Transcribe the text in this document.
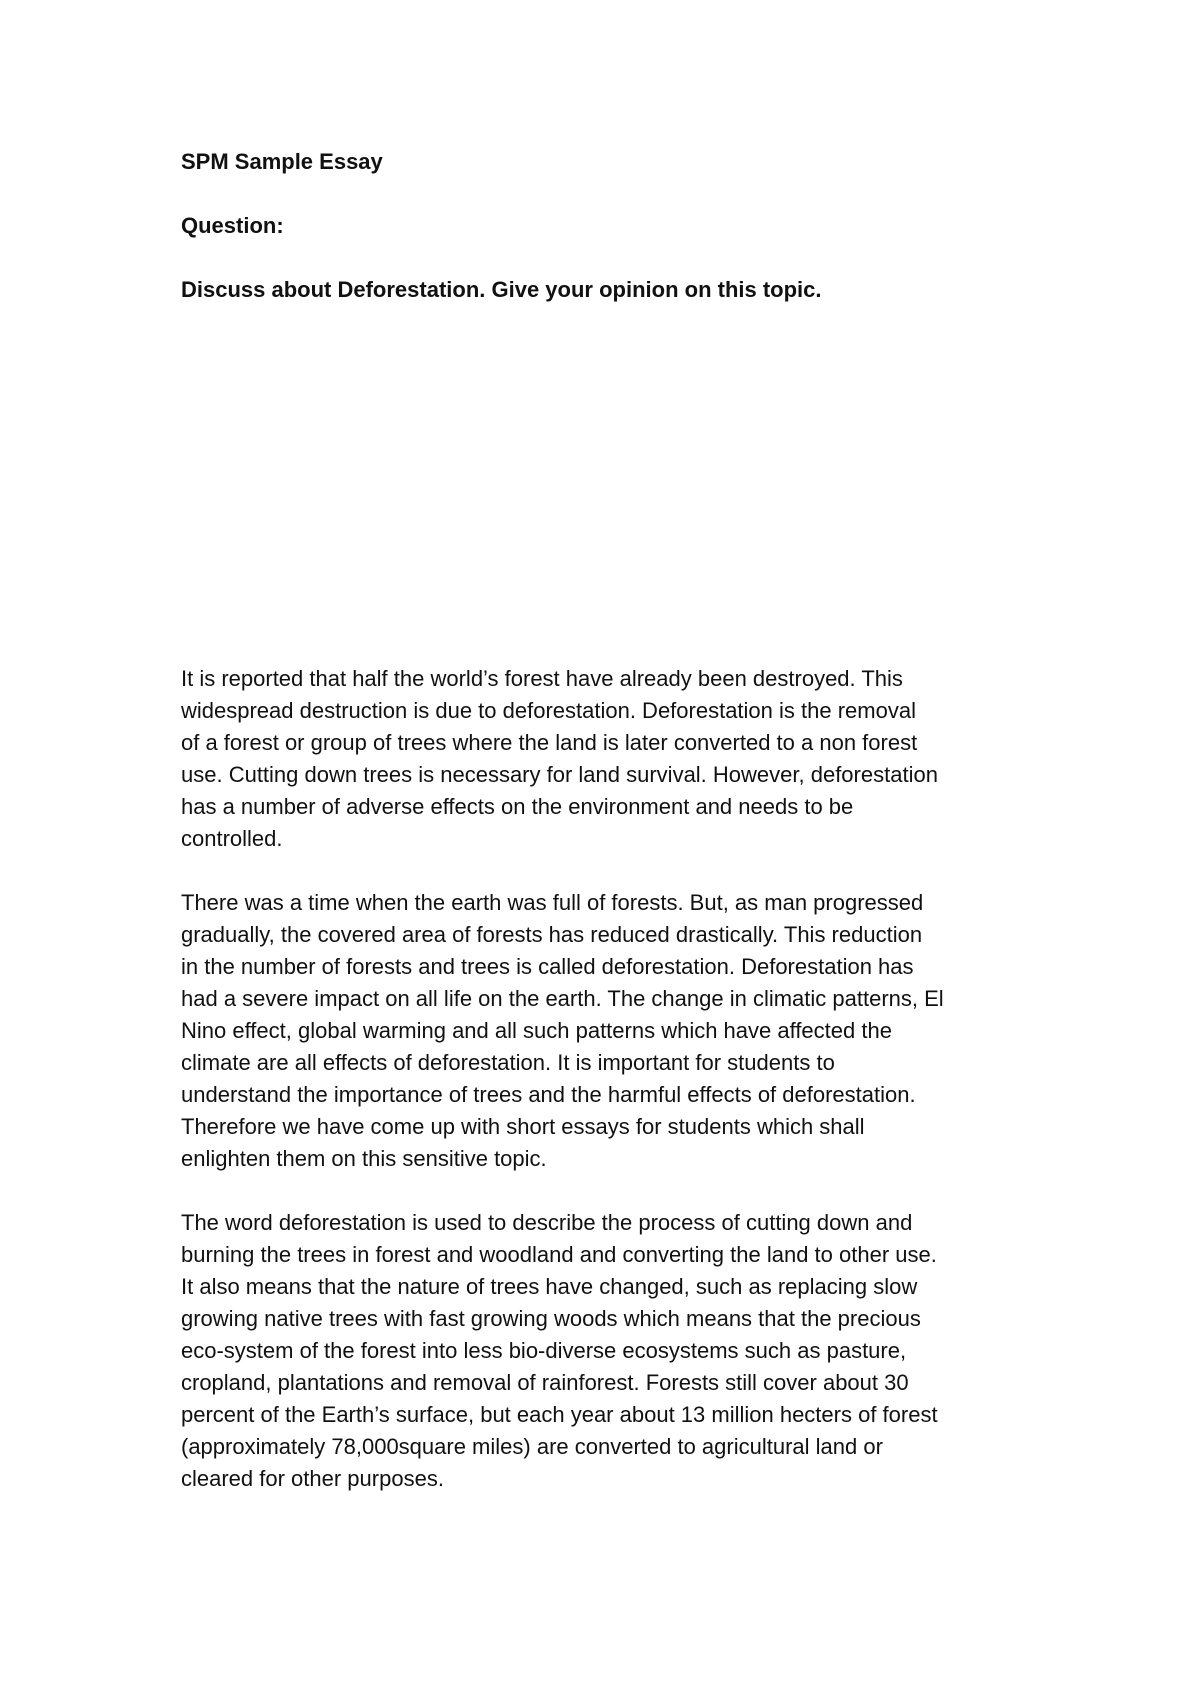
SPM Sample Essay
Question:
Discuss about Deforestation. Give your opinion on this topic.

It is reported that half the world’s forest have already been destroyed. This
widespread destruction is due to deforestation. Deforestation is the removal
of a forest or group of trees where the land is later converted to a non forest
use. Cutting down trees is necessary for land survival. However, deforestation
has a number of adverse effects on the environment and needs to be
controlled.

There was a time when the earth was full of forests. But, as man progressed
gradually, the covered area of forests has reduced drastically. This reduction
in the number of forests and trees is called deforestation. Deforestation has
had a severe impact on all life on the earth. The change in climatic patterns, El
Nino effect, global warming and all such patterns which have affected the
climate are all effects of deforestation. It is important for students to
understand the importance of trees and the harmful effects of deforestation.
Therefore we have come up with short essays for students which shall
enlighten them on this sensitive topic.

The word deforestation is used to describe the process of cutting down and
burning the trees in forest and woodland and converting the land to other use.
It also means that the nature of trees have changed, such as replacing slow
growing native trees with fast growing woods which means that the precious
eco-system of the forest into less bio-diverse ecosystems such as pasture,
cropland, plantations and removal of rainforest. Forests still cover about 30
percent of the Earth’s surface, but each year about 13 million hecters of forest
(approximately 78,000square miles) are converted to agricultural land or
cleared for other purposes.
